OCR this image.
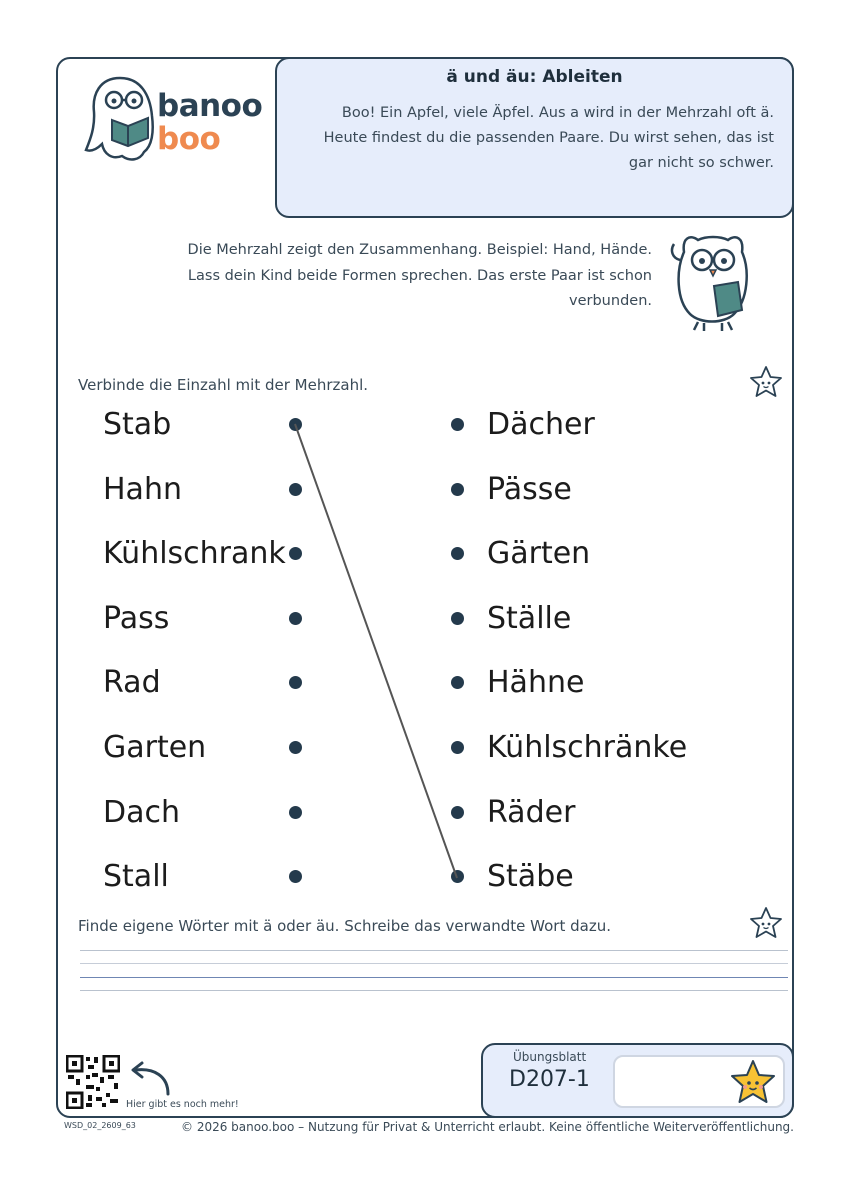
banoo
boo
ä und äu: Ableiten
Boo! Ein Apfel, viele Äpfel. Aus a wird in der Mehrzahl oft ä. Heute findest du die passenden Paare. Du wirst sehen, das ist gar nicht so schwer.
Die Mehrzahl zeigt den Zusammenhang. Beispiel: Hand, Hände. Lass dein Kind beide Formen sprechen. Das erste Paar ist schon verbunden.
Verbinde die Einzahl mit der Mehrzahl.
Stab	Dächer
Hahn	Pässe
Kühlschrank	Gärten
Pass	Ställe
Rad	Hähne
Garten	Kühlschränke
Dach	Räder
Stall	Stäbe
Finde eigene Wörter mit ä oder äu. Schreibe das verwandte Wort dazu.
Hier gibt es noch mehr!
WSD_02_2609_63
Übungsblatt
D207-1
© 2026 banoo.boo – Nutzung für Privat & Unterricht erlaubt. Keine öffentliche Weiterveröffentlichung.
